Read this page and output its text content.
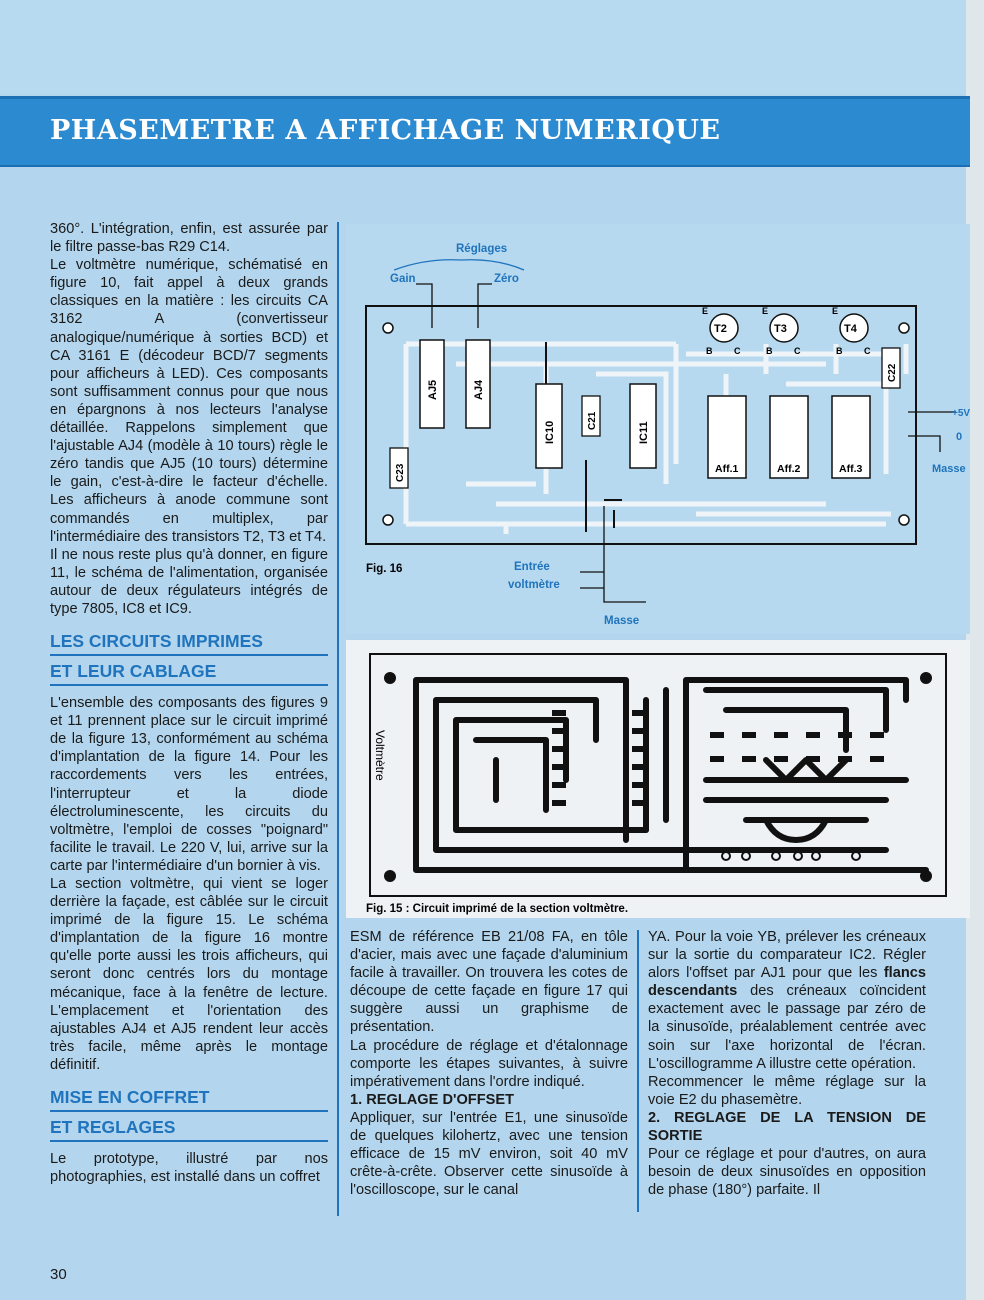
PHASEMETRE A AFFICHAGE NUMERIQUE

360°. L'intégration, enfin, est assurée par le filtre passe-bas R29 C14.

Le voltmètre numérique, schématisé en figure 10, fait appel à deux grands classiques en la matière : les circuits CA 3162 A (convertisseur analogique/numérique à sorties BCD) et CA 3161 E (décodeur BCD/7 segments pour afficheurs à LED). Ces composants sont suffisamment connus pour que nous en épargnons à nos lecteurs l'analyse détaillée. Rappelons simplement que l'ajustable AJ4 (modèle à 10 tours) règle le zéro tandis que AJ5 (10 tours) détermine le gain, c'est-à-dire le facteur d'échelle. Les afficheurs à anode commune sont commandés en multiplex, par l'intermédiaire des transistors T2, T3 et T4.

Il ne nous reste plus qu'à donner, en figure 11, le schéma de l'alimentation, organisée autour de deux régulateurs intégrés de type 7805, IC8 et IC9.

LES CIRCUITS IMPRIMES
ET LEUR CABLAGE

L'ensemble des composants des figures 9 et 11 prennent place sur le circuit imprimé de la figure 13, conformément au schéma d'implantation de la figure 14. Pour les raccordements vers les entrées, l'interrupteur et la diode électroluminescente, les circuits du voltmètre, l'emploi de cosses "poignard" facilite le travail. Le 220 V, lui, arrive sur la carte par l'intermédiaire d'un bornier à vis.

La section voltmètre, qui vient se loger derrière la façade, est câblée sur le circuit imprimé de la figure 15. Le schéma d'implantation de la figure 16 montre qu'elle porte aussi les trois afficheurs, qui seront donc centrés lors du montage mécanique, face à la fenêtre de lecture. L'emplacement et l'orientation des ajustables AJ4 et AJ5 rendent leur accès très facile, même après le montage définitif.

MISE EN COFFRET
ET REGLAGES

Le prototype, illustré par nos photographies, est installé dans un coffret

Réglages
Gain	Zéro
AJ5	AJ4
IC10	IC11
C21
C22
C23
T2	T3	T4
E	E	E
B C	B C	B C
Aff.1	Aff.2	Aff.3
+5V
0
Masse
Entrée
voltmètre
Masse
Fig. 16
Voltmètre
Fig. 15 : Circuit imprimé de la section voltmètre.

ESM de référence EB 21/08 FA, en tôle d'acier, mais avec une façade d'aluminium facile à travailler. On trouvera les cotes de découpe de cette façade en figure 17 qui suggère aussi un graphisme de présentation.

La procédure de réglage et d'étalonnage comporte les étapes suivantes, à suivre impérativement dans l'ordre indiqué.

1. REGLAGE D'OFFSET

Appliquer, sur l'entrée E1, une sinusoïde de quelques kilohertz, avec une tension efficace de 15 mV environ, soit 40 mV crête-à-crête. Observer cette sinusoïde à l'oscilloscope, sur le canal

YA. Pour la voie YB, prélever les créneaux sur la sortie du comparateur IC2. Régler alors l'offset par AJ1 pour que les flancs descendants des créneaux coïncident exactement avec le passage par zéro de la sinusoïde, préalablement centrée avec soin sur l'axe horizontal de l'écran. L'oscillogramme A illustre cette opération.

Recommencer le même réglage sur la voie E2 du phasemètre.

2. REGLAGE DE LA TENSION DE SORTIE

Pour ce réglage et pour d'autres, on aura besoin de deux sinusoïdes en opposition de phase (180°) parfaite. Il

30
